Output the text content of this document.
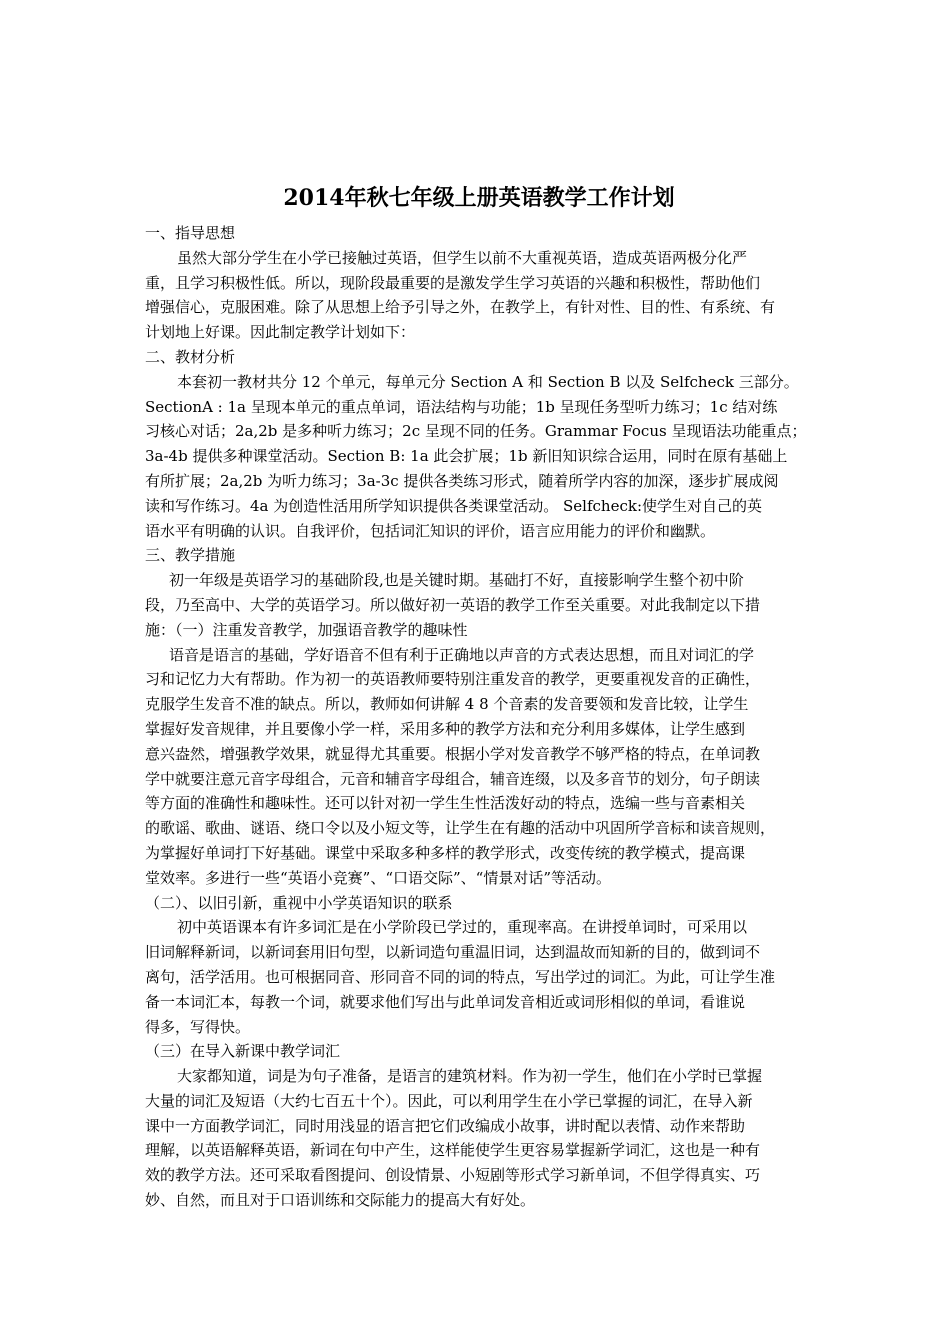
2014年秋七年级上册英语教学工作计划
一、指导思想
虽然大部分学生在小学已接触过英语，但学生以前不大重视英语，造成英语两极分化严
重，且学习积极性低。所以，现阶段最重要的是激发学生学习英语的兴趣和积极性，帮助他们
增强信心，克服困难。除了从思想上给予引导之外，在教学上，有针对性、目的性、有系统、有
计划地上好课。因此制定教学计划如下：
二、教材分析
本套初一教材共分 12 个单元，每单元分 Section A 和 Section B 以及 Selfcheck 三部分。
SectionA : 1a 呈现本单元的重点单词，语法结构与功能；1b 呈现任务型听力练习；1c 结对练
习核心对话；2a,2b 是多种听力练习；2c 呈现不同的任务。Grammar Focus 呈现语法功能重点；
3a-4b 提供多种课堂活动。Section B: 1a 此会扩展；1b 新旧知识综合运用，同时在原有基础上
有所扩展；2a,2b 为听力练习；3a-3c 提供各类练习形式，随着所学内容的加深，逐步扩展成阅
读和写作练习。4a 为创造性活用所学知识提供各类课堂活动。 Selfcheck:使学生对自己的英
语水平有明确的认识。自我评价，包括词汇知识的评价，语言应用能力的评价和幽默。
三、教学措施
初一年级是英语学习的基础阶段,也是关键时期。基础打不好，直接影响学生整个初中阶
段，乃至高中、大学的英语学习。所以做好初一英语的教学工作至关重要。对此我制定以下措
施：（一）注重发音教学，加强语音教学的趣味性
语音是语言的基础，学好语音不但有利于正确地以声音的方式表达思想，而且对词汇的学
习和记忆力大有帮助。作为初一的英语教师要特别注重发音的教学，更要重视发音的正确性，
克服学生发音不准的缺点。所以，教师如何讲解 4 8 个音素的发音要领和发音比较，让学生
掌握好发音规律，并且要像小学一样，采用多种的教学方法和充分利用多媒体，让学生感到
意兴盎然，增强教学效果，就显得尤其重要。根据小学对发音教学不够严格的特点，在单词教
学中就要注意元音字母组合，元音和辅音字母组合，辅音连缀，以及多音节的划分，句子朗读
等方面的准确性和趣味性。还可以针对初一学生生性活泼好动的特点，选编一些与音素相关
的歌谣、歌曲、谜语、绕口令以及小短文等，让学生在有趣的活动中巩固所学音标和读音规则，
为掌握好单词打下好基础。课堂中采取多种多样的教学形式，改变传统的教学模式，提高课
堂效率。多进行一些“英语小竞赛”、“口语交际”、“情景对话”等活动。
（二）、以旧引新，重视中小学英语知识的联系
初中英语课本有许多词汇是在小学阶段已学过的，重现率高。在讲授单词时，可采用以
旧词解释新词，以新词套用旧句型，以新词造句重温旧词，达到温故而知新的目的，做到词不
离句，活学活用。也可根据同音、形同音不同的词的特点，写出学过的词汇。为此，可让学生准
备一本词汇本，每教一个词，就要求他们写出与此单词发音相近或词形相似的单词，看谁说
得多，写得快。
（三）在导入新课中教学词汇
大家都知道，词是为句子准备，是语言的建筑材料。作为初一学生，他们在小学时已掌握
大量的词汇及短语（大约七百五十个）。因此，可以利用学生在小学已掌握的词汇，在导入新
课中一方面教学词汇，同时用浅显的语言把它们改编成小故事，讲时配以表情、动作来帮助
理解，以英语解释英语，新词在句中产生，这样能使学生更容易掌握新学词汇，这也是一种有
效的教学方法。还可采取看图提问、创设情景、小短剧等形式学习新单词，不但学得真实、巧
妙、自然，而且对于口语训练和交际能力的提高大有好处。
